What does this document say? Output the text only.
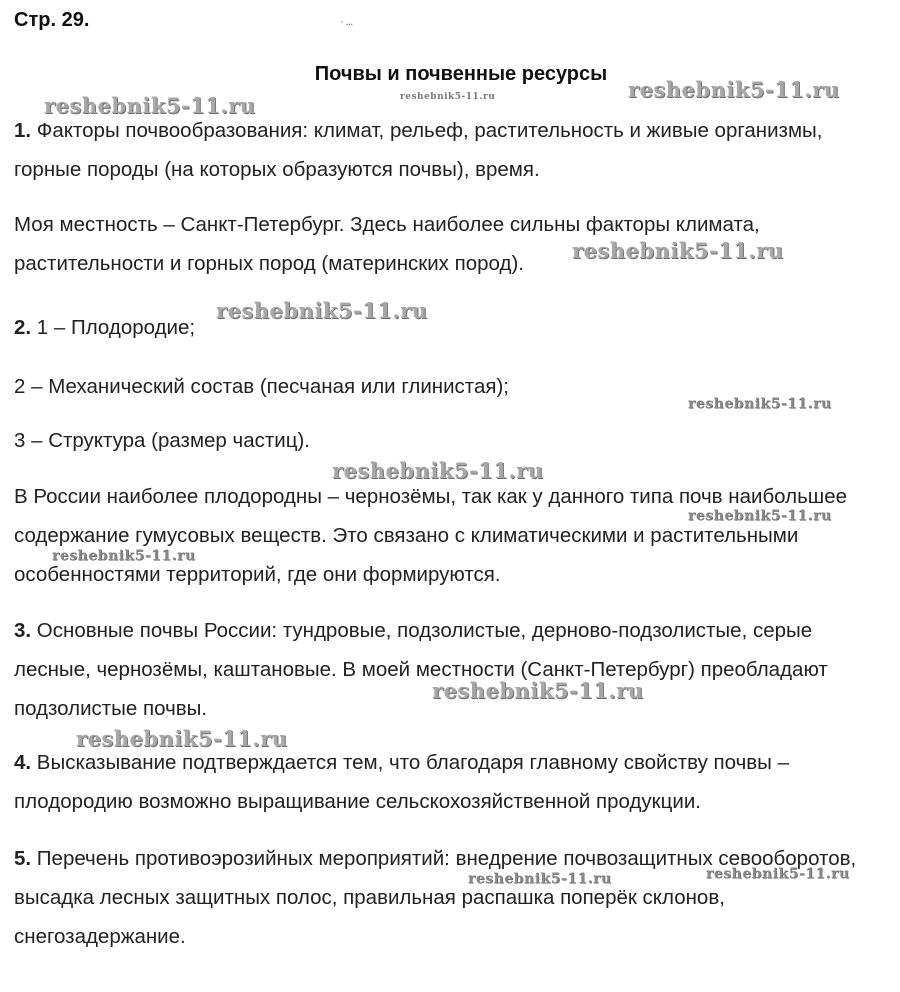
Стр. 29.	· ...
Почвы и почвенные ресурсы

1. Факторы почвообразования: климат, рельеф, растительность и живые организмы, горные породы (на которых образуются почвы), время.

Моя местность – Санкт-Петербург. Здесь наиболее сильны факторы климата, растительности и горных пород (материнских пород).

2. 1 – Плодородие;

2 – Механический состав (песчаная или глинистая);

3 – Структура (размер частиц).

В России наиболее плодородны – чернозёмы, так как у данного типа почв наибольшее содержание гумусовых веществ. Это связано с климатическими и растительными особенностями территорий, где они формируются.

3. Основные почвы России: тундровые, подзолистые, дерново-подзолистые, серые лесные, чернозёмы, каштановые. В моей местности (Санкт-Петербург) преобладают подзолистые почвы.

4. Высказывание подтверждается тем, что благодаря главному свойству почвы – плодородию возможно выращивание сельскохозяйственной продукции.

5. Перечень противоэрозийных мероприятий: внедрение почвозащитных севооборотов, высадка лесных защитных полос, правильная распашка поперёк склонов, снегозадержание.

reshebnik5-11.ru	reshebnik5-11.ru	reshebnik5-11.ru
reshebnik5-11.ru
reshebnik5-11.ru
reshebnik5-11.ru
reshebnik5-11.ru
reshebnik5-11.ru
reshebnik5-11.ru
reshebnik5-11.ru
reshebnik5-11.ru
reshebnik5-11.ru	reshebnik5-11.ru
